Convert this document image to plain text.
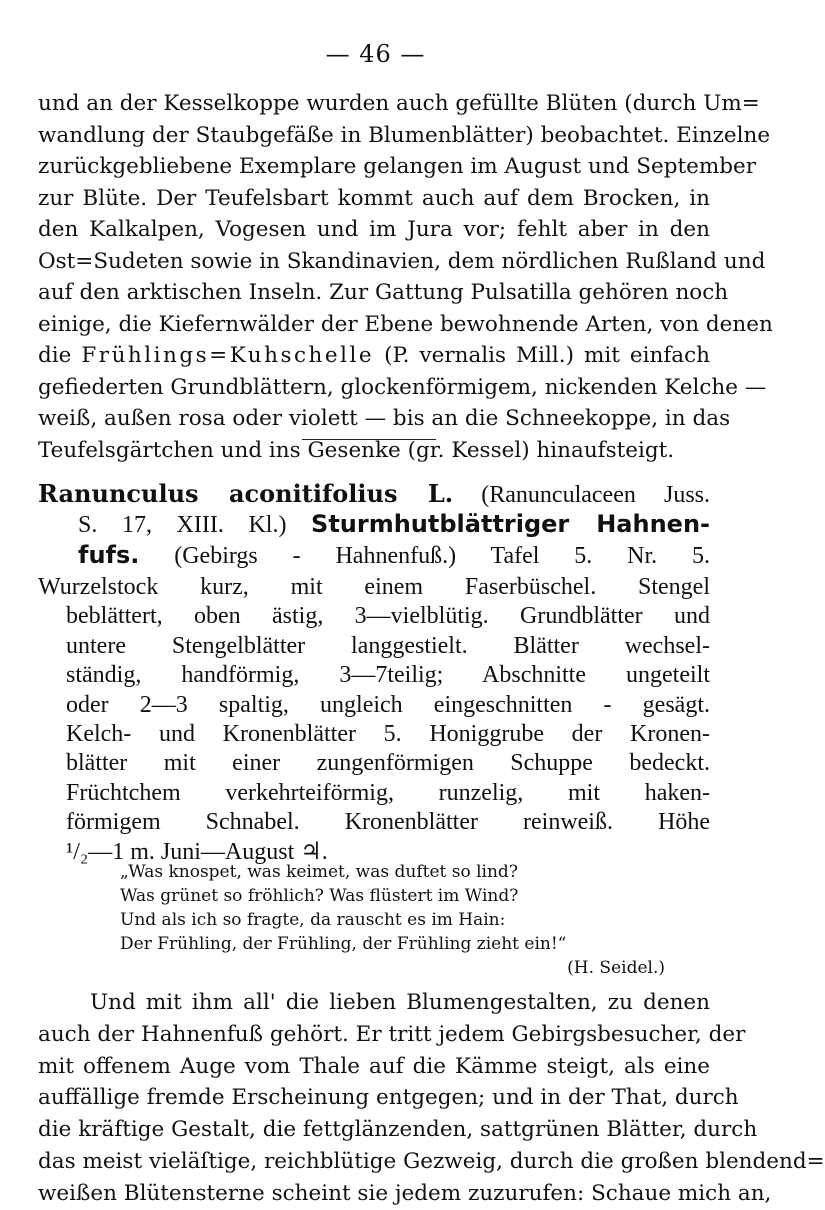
— 46 —
und an der Kesselkoppe wurden auch gefüllte Blüten (durch Um=
wandlung der Staubgefäße in Blumenblätter) beobachtet. Einzelne
zurückgebliebene Exemplare gelangen im August und September
zur Blüte. Der Teufelsbart kommt auch auf dem Brocken, in
den Kalkalpen, Vogesen und im Jura vor; fehlt aber in den
Ost=Sudeten sowie in Skandinavien, dem nördlichen Rußland und
auf den arktischen Inseln. Zur Gattung Pulsatilla gehören noch
einige, die Kiefernwälder der Ebene bewohnende Arten, von denen
die Frühlings=Kuhschelle (P. vernalis Mill.) mit einfach
gefiederten Grundblättern, glockenförmigem, nickenden Kelche —
weiß, außen rosa oder violett — bis an die Schneekoppe, in das
Teufelsgärtchen und ins Gesenke (gr. Kessel) hinaufsteigt.
Ranunculus aconitifolius L. (Ranunculaceen Juss.
S. 17, XIII. Kl.) Sturmhutblättriger Hahnen-
fufs. (Gebirgs - Hahnenfuß.) Tafel 5. Nr. 5.
Wurzelstock kurz, mit einem Faserbüschel. Stengel
beblättert, oben ästig, 3—vielblütig. Grundblätter und
untere Stengelblätter langgestielt. Blätter wechsel-
ständig, handförmig, 3—7teilig; Abschnitte ungeteilt
oder 2—3 spaltig, ungleich eingeschnitten - gesägt.
Kelch- und Kronenblätter 5. Honiggrube der Kronen-
blätter mit einer zungenförmigen Schuppe bedeckt.
Früchtchem verkehrteiförmig, runzelig, mit haken-
förmigem Schnabel. Kronenblätter reinweiß. Höhe
¹/₂—1 m. Juni—August ♃.
„Was knospet, was keimet, was duftet so lind?
Was grünet so fröhlich? Was flüstert im Wind?
Und als ich so fragte, da rauscht es im Hain:
Der Frühling, der Frühling, der Frühling zieht ein!“
(H. Seidel.)
Und mit ihm all' die lieben Blumengestalten, zu denen
auch der Hahnenfuß gehört. Er tritt jedem Gebirgsbesucher, der
mit offenem Auge vom Thale auf die Kämme steigt, als eine
auffällige fremde Erscheinung entgegen; und in der That, durch
die kräftige Gestalt, die fettglänzenden, sattgrünen Blätter, durch
das meist vieläſtige, reichblütige Gezweig, durch die großen blendend=
weißen Blütensterne scheint sie jedem zuzurufen: Schaue mich an,
